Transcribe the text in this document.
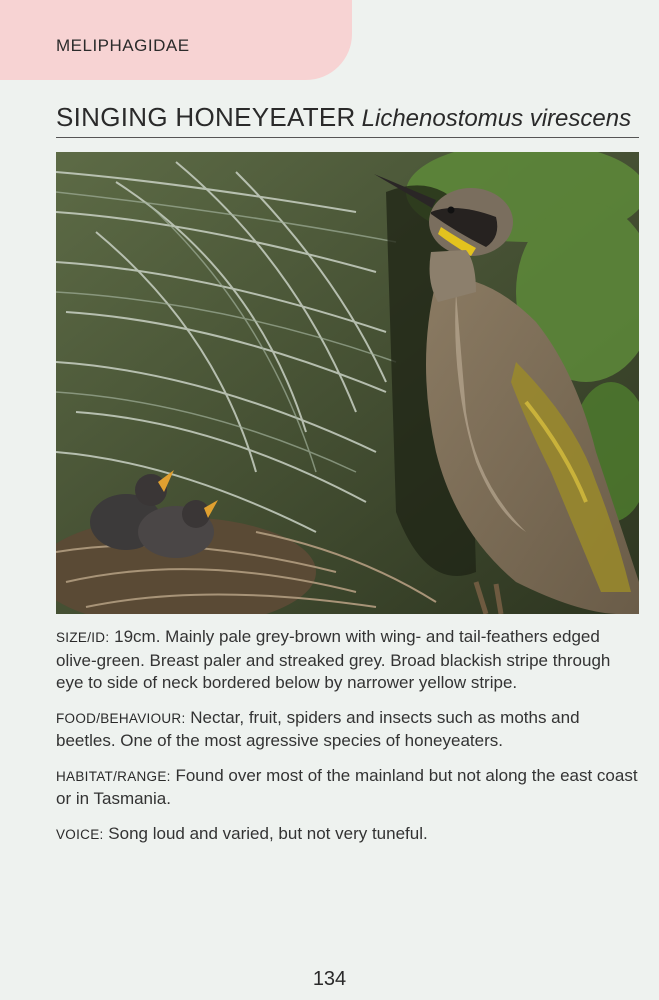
MELIPHAGIDAE
SINGING HONEYEATER Lichenostomus virescens

SIZE/ID: 19cm. Mainly pale grey-brown with wing- and tail-feathers edged olive-green. Breast paler and streaked grey. Broad blackish stripe through eye to side of neck bordered below by narrower yellow stripe.

FOOD/BEHAVIOUR: Nectar, fruit, spiders and insects such as moths and beetles. One of the most agressive species of honeyeaters.

HABITAT/RANGE: Found over most of the mainland but not along the east coast or in Tasmania.

VOICE: Song loud and varied, but not very tuneful.

134
